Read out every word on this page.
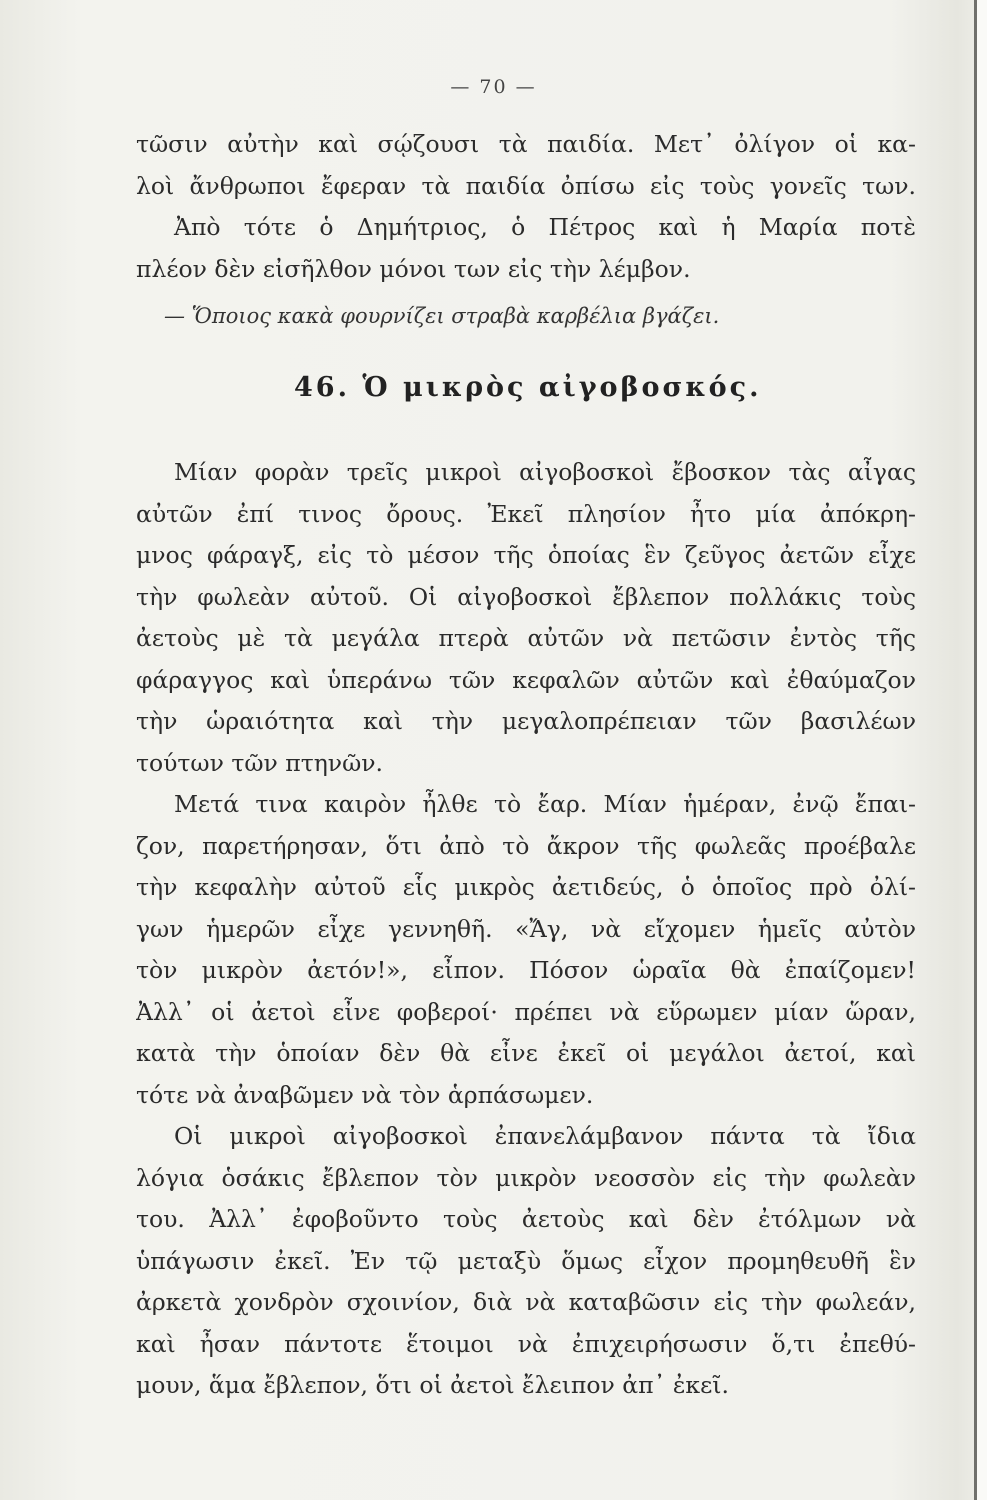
— 70 —
τῶσιν αὐτὴν καὶ σῴζουσι τὰ παιδία. Μετ᾽ ὀλίγον οἱ κα-
λοὶ ἄνθρωποι ἔφεραν τὰ παιδία ὀπίσω εἰς τοὺς γονεῖς των.
Ἀπὸ τότε ὁ Δημήτριος, ὁ Πέτρος καὶ ἡ Μαρία ποτὲ
πλέον δὲν εἰσῆλθον μόνοι των εἰς τὴν λέμβον.
— Ὅποιος κακὰ φουρνίζει στραβὰ καρβέλια βγάζει.
46. Ὁ μικρὸς αἰγοβοσκός.
Μίαν φορὰν τρεῖς μικροὶ αἰγοβοσκοὶ ἔβοσκον τὰς αἶγας
αὐτῶν ἐπί τινος ὄρους. Ἐκεῖ πλησίον ἦτο μία ἀπόκρη-
μνος φάραγξ, εἰς τὸ μέσον τῆς ὁποίας ἓν ζεῦγος ἀετῶν εἶχε
τὴν φωλεὰν αὐτοῦ. Οἱ αἰγοβοσκοὶ ἔβλεπον πολλάκις τοὺς
ἀετοὺς μὲ τὰ μεγάλα πτερὰ αὐτῶν νὰ πετῶσιν ἐντὸς τῆς
φάραγγος καὶ ὑπεράνω τῶν κεφαλῶν αὐτῶν καὶ ἐθαύμαζον
τὴν ὡραιότητα καὶ τὴν μεγαλοπρέπειαν τῶν βασιλέων
τούτων τῶν πτηνῶν.
Μετά τινα καιρὸν ἦλθε τὸ ἔαρ. Μίαν ἡμέραν, ἐνῷ ἔπαι-
ζον, παρετήρησαν, ὅτι ἀπὸ τὸ ἄκρον τῆς φωλεᾶς προέβαλε
τὴν κεφαλὴν αὐτοῦ εἷς μικρὸς ἀετιδεύς, ὁ ὁποῖος πρὸ ὀλί-
γων ἡμερῶν εἶχε γεννηθῆ. «Ἄγ, νὰ εἴχομεν ἡμεῖς αὐτὸν
τὸν μικρὸν ἀετόν!», εἶπον. Πόσον ὡραῖα θὰ ἐπαίζομεν!
Ἀλλ᾽ οἱ ἀετοὶ εἶνε φοβεροί· πρέπει νὰ εὕρωμεν μίαν ὥραν,
κατὰ τὴν ὁποίαν δὲν θὰ εἶνε ἐκεῖ οἱ μεγάλοι ἀετοί, καὶ
τότε νὰ ἀναβῶμεν νὰ τὸν ἁρπάσωμεν.
Οἱ μικροὶ αἰγοβοσκοὶ ἐπανελάμβανον πάντα τὰ ἴδια
λόγια ὁσάκις ἔβλεπον τὸν μικρὸν νεοσσὸν εἰς τὴν φωλεὰν
του. Ἀλλ᾽ ἐφοβοῦντο τοὺς ἀετοὺς καὶ δὲν ἐτόλμων νὰ
ὑπάγωσιν ἐκεῖ. Ἐν τῷ μεταξὺ ὅμως εἶχον προμηθευθῆ ἓν
ἀρκετὰ χονδρὸν σχοινίον, διὰ νὰ καταβῶσιν εἰς τὴν φωλεάν,
καὶ ἦσαν πάντοτε ἕτοιμοι νὰ ἐπιχειρήσωσιν ὅ,τι ἐπεθύ-
μουν, ἅμα ἔβλεπον, ὅτι οἱ ἀετοὶ ἔλειπον ἀπ᾽ ἐκεῖ.
